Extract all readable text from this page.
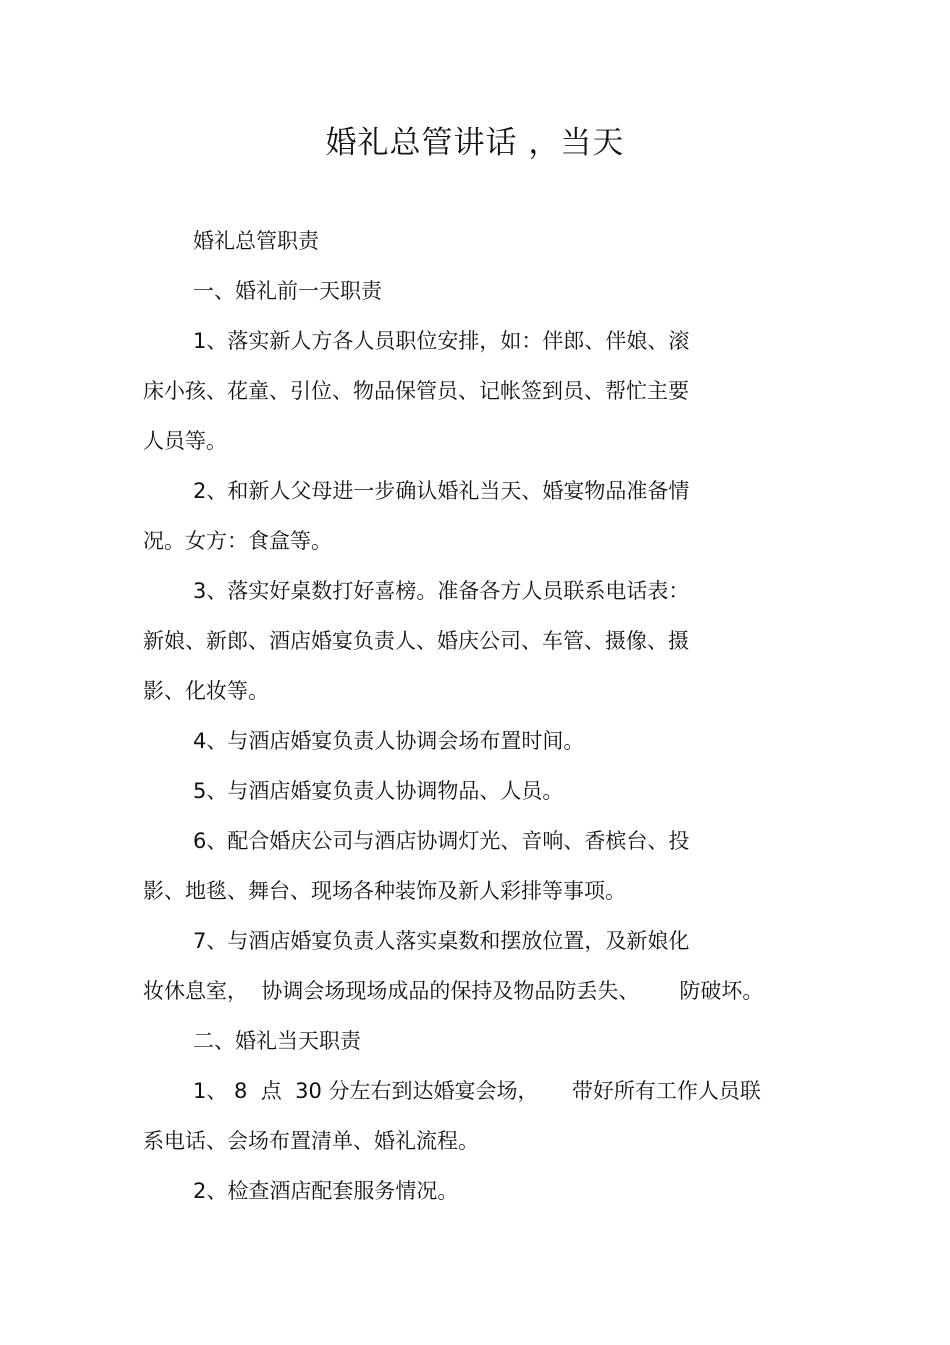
婚礼总管讲话 ，当天

婚礼总管职责

一、婚礼前一天职责

1、落实新人方各人员职位安排，如：伴郎、伴娘、滚

床小孩、花童、引位、物品保管员、记帐签到员、帮忙主要

人员等。

2、和新人父母进一步确认婚礼当天、婚宴物品准备情

况。女方：食盒等。

3、落实好桌数打好喜榜。准备各方人员联系电话表：

新娘、新郎、酒店婚宴负责人、婚庆公司、车管、摄像、摄

影、化妆等。

4、与酒店婚宴负责人协调会场布置时间。

5、与酒店婚宴负责人协调物品、人员。

6、配合婚庆公司与酒店协调灯光、音响、香槟台、投

影、地毯、舞台、现场各种装饰及新人彩排等事项。

7、与酒店婚宴负责人落实桌数和摆放位置，及新娘化

妆休息室，  协调会场现场成品的保持及物品防丢失、      防破坏。

二、婚礼当天职责

1、 8  点  30 分左右到达婚宴会场，     带好所有工作人员联

系电话、会场布置清单、婚礼流程。

2、检查酒店配套服务情况。
